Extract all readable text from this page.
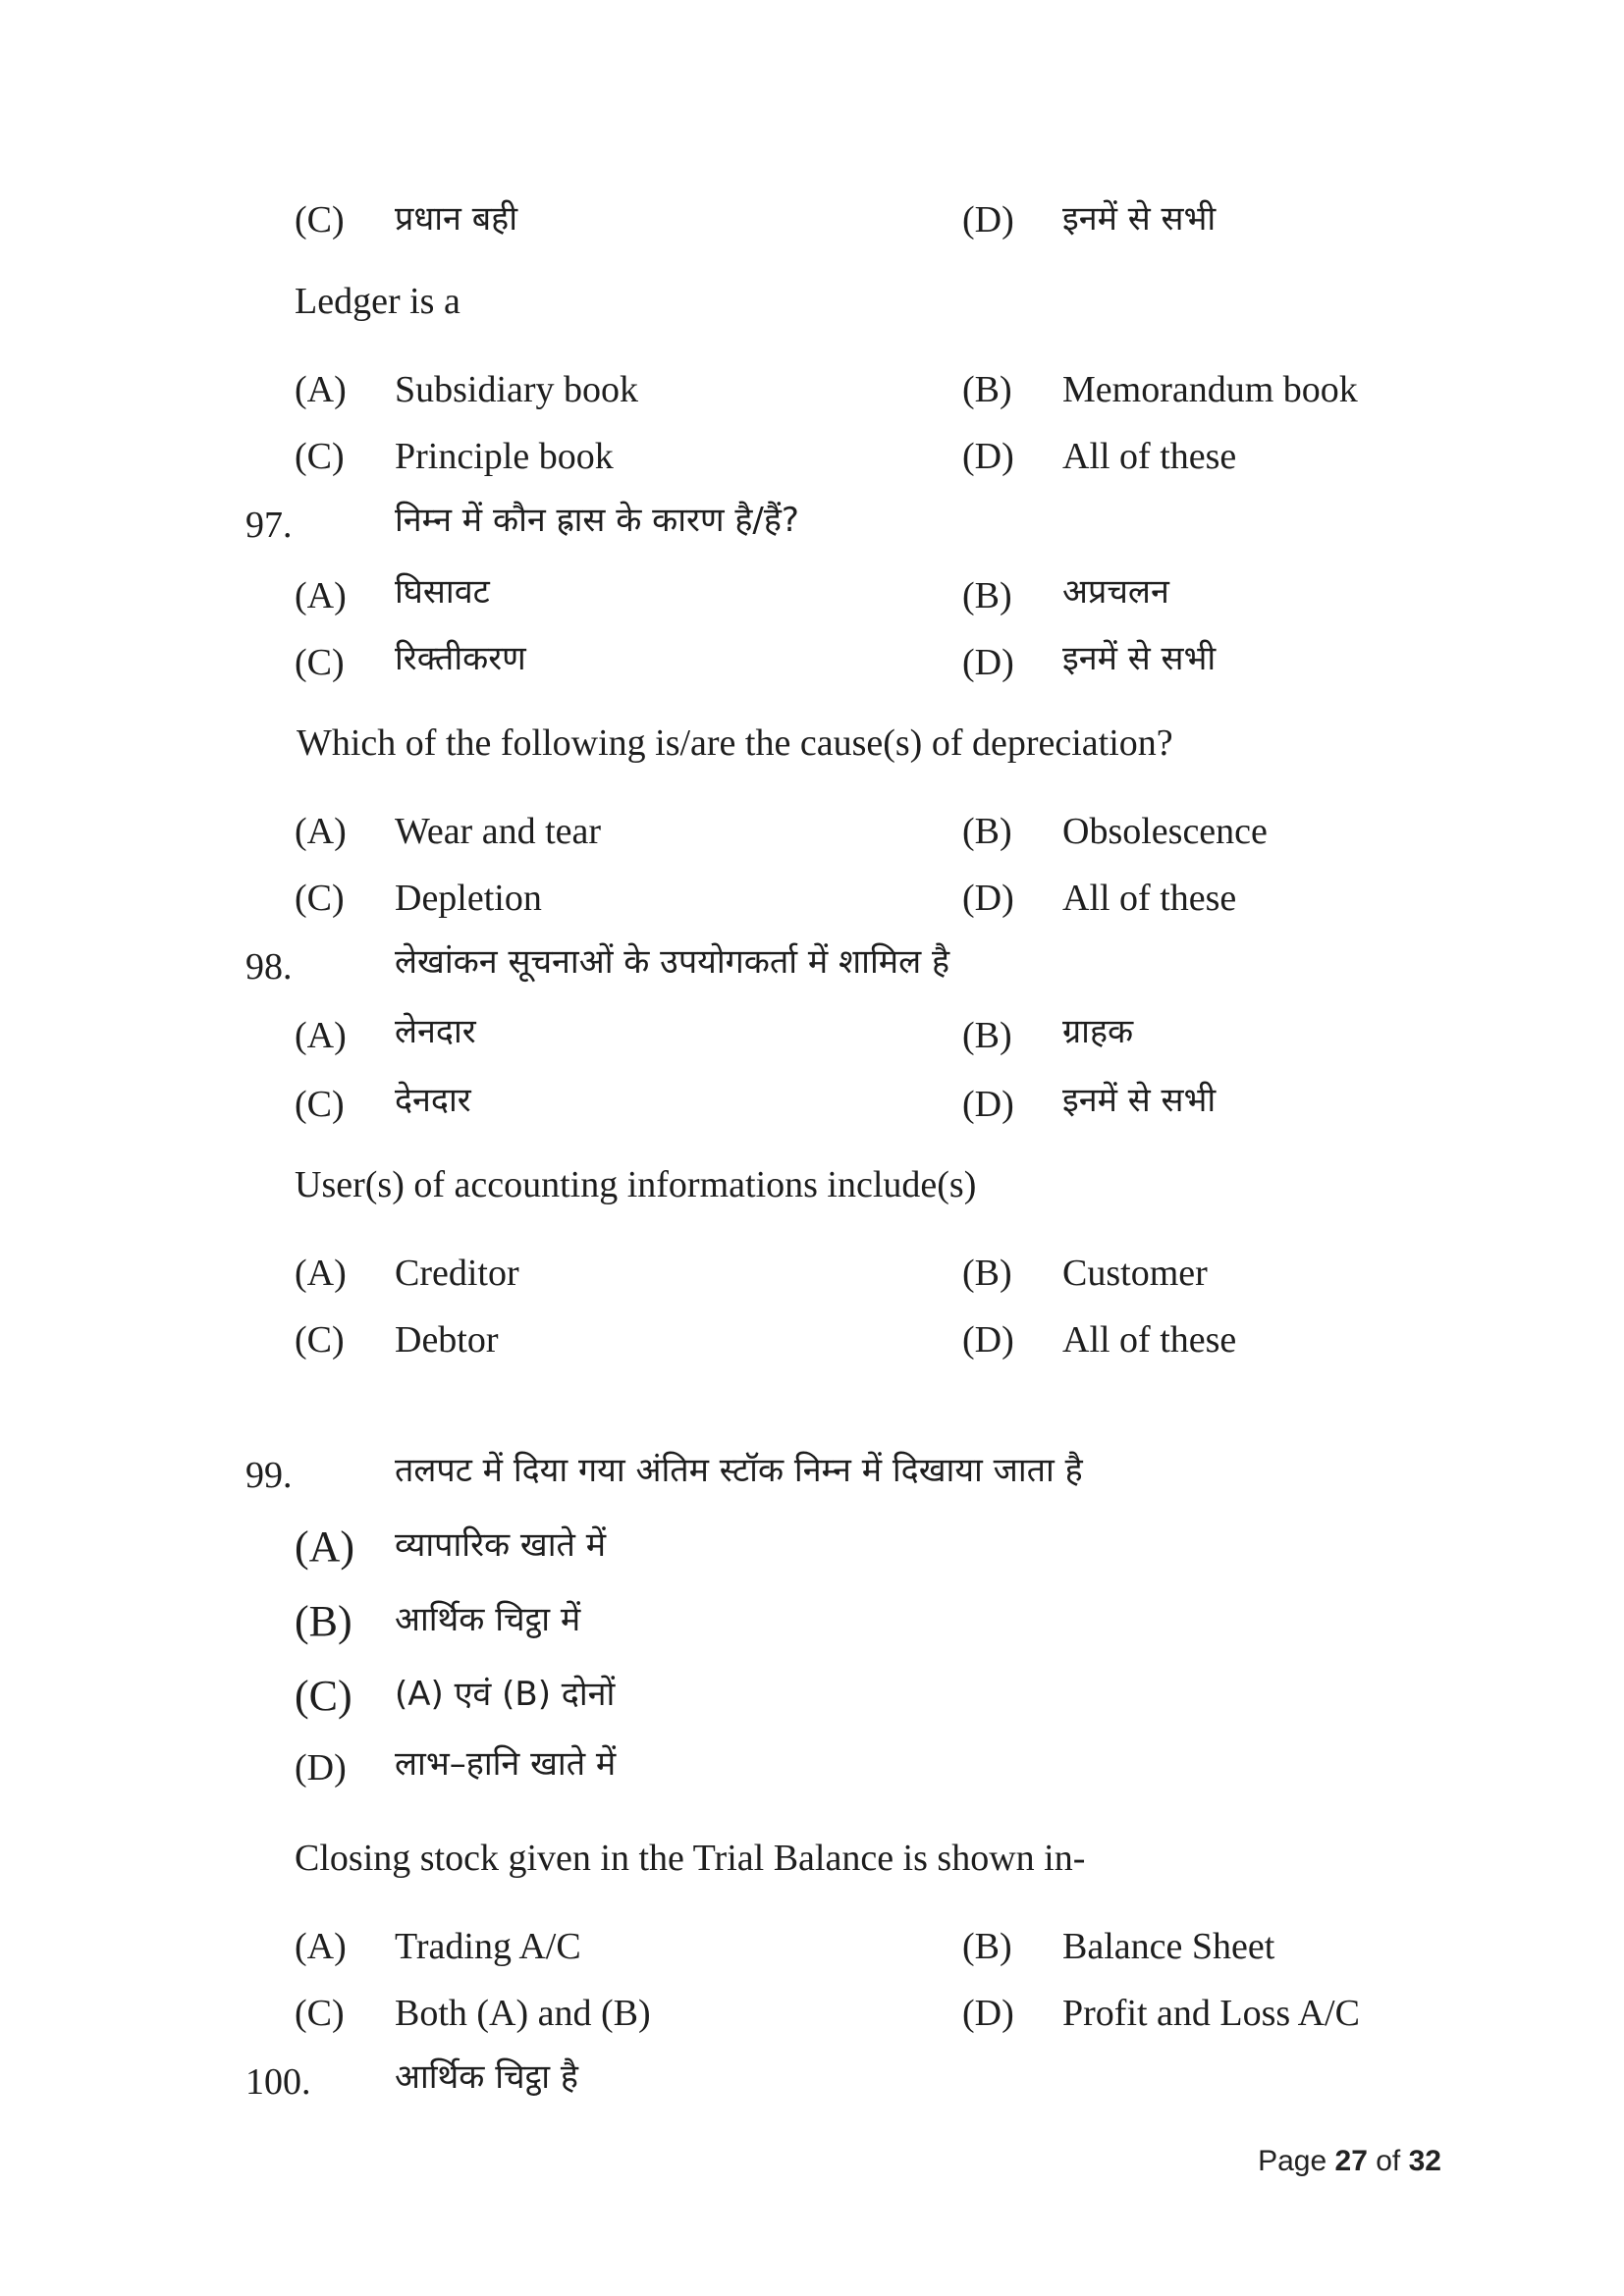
(C) प्रधान बही	(D) इनमें से सभी
Ledger is a
(A) Subsidiary book	(B) Memorandum book
(C) Principle book	(D) All of these
97.	निम्न में कौन ह्रास के कारण है/हैं?
(A) घिसावट	(B) अप्रचलन
(C) रिक्तीकरण	(D) इनमें से सभी
Which of the following is/are the cause(s) of depreciation?
(A) Wear and tear	(B) Obsolescence
(C) Depletion	(D) All of these
98.	लेखांकन सूचनाओं के उपयोगकर्ता में शामिल है
(A) लेनदार	(B) ग्राहक
(C) देनदार	(D) इनमें से सभी
User(s) of accounting informations include(s)
(A) Creditor	(B) Customer
(C) Debtor	(D) All of these
99.	तलपट में दिया गया अंतिम स्टॉक निम्न में दिखाया जाता है
(A) व्यापारिक खाते में
(B) आर्थिक चिट्ठा में
(C) (A) एवं (B) दोनों
(D) लाभ–हानि खाते में
Closing stock given in the Trial Balance is shown in-
(A) Trading A/C	(B) Balance Sheet
(C) Both (A) and (B)	(D) Profit and Loss A/C
100.	आर्थिक चिट्ठा है
Page 27 of 32
